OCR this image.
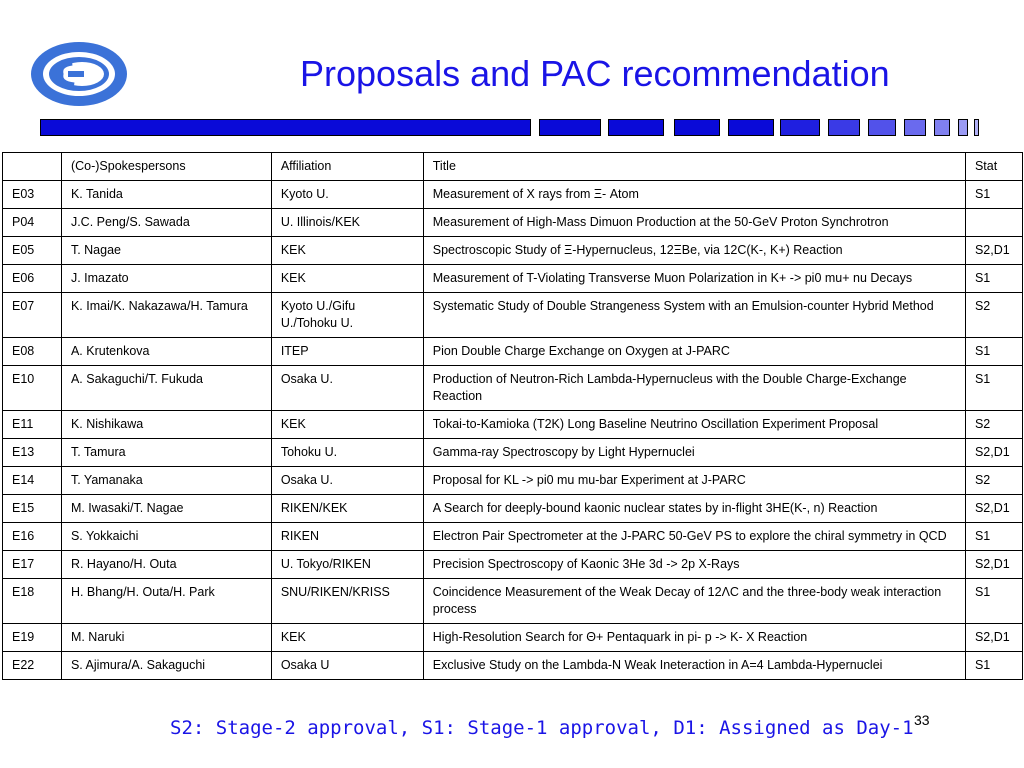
Proposals and PAC recommendation
	(Co-)Spokespersons	Affiliation	Title	Stat
E03	K. Tanida	Kyoto U.	Measurement of X rays from Ξ- Atom	S1
P04	J.C. Peng/S. Sawada	U. Illinois/KEK	Measurement of High-Mass Dimuon Production at the 50-GeV Proton Synchrotron	
E05	T. Nagae	KEK	Spectroscopic Study of Ξ-Hypernucleus, 12ΞBe, via 12C(K-, K+) Reaction	S2,D1
E06	J. Imazato	KEK	Measurement of T-Violating Transverse Muon Polarization in K+ -> pi0 mu+ nu Decays	S1
E07	K. Imai/K. Nakazawa/H. Tamura	Kyoto U./Gifu U./Tohoku U.	Systematic Study of Double Strangeness System with an Emulsion-counter Hybrid Method	S2
E08	A. Krutenkova	ITEP	Pion Double Charge Exchange on Oxygen at J-PARC	S1
E10	A. Sakaguchi/T. Fukuda	Osaka U.	Production of Neutron-Rich Lambda-Hypernucleus with the Double Charge-Exchange Reaction	S1
E11	K. Nishikawa	KEK	Tokai-to-Kamioka (T2K) Long Baseline Neutrino Oscillation Experiment Proposal	S2
E13	T. Tamura	Tohoku U.	Gamma-ray Spectroscopy by Light Hypernuclei	S2,D1
E14	T. Yamanaka	Osaka U.	Proposal for KL -> pi0 mu mu-bar Experiment at J-PARC	S2
E15	M. Iwasaki/T. Nagae	RIKEN/KEK	A Search for deeply-bound kaonic nuclear states by in-flight 3HE(K-, n) Reaction	S2,D1
E16	S. Yokkaichi	RIKEN	Electron Pair Spectrometer at the J-PARC 50-GeV PS to explore the chiral symmetry in QCD	S1
E17	R. Hayano/H. Outa	U. Tokyo/RIKEN	Precision Spectroscopy of Kaonic 3He 3d -> 2p X-Rays	S2,D1
E18	H. Bhang/H. Outa/H. Park	SNU/RIKEN/KRISS	Coincidence Measurement of the Weak Decay of 12ΛC and the three-body weak interaction process	S1
E19	M. Naruki	KEK	High-Resolution Search for Θ+ Pentaquark in pi- p -> K- X Reaction	S2,D1
E22	S. Ajimura/A. Sakaguchi	Osaka U	Exclusive Study on the Lambda-N Weak Ineteraction in A=4 Lambda-Hypernuclei	S1
S2: Stage-2 approval, S1: Stage-1 approval, D1: Assigned as Day-1 33
